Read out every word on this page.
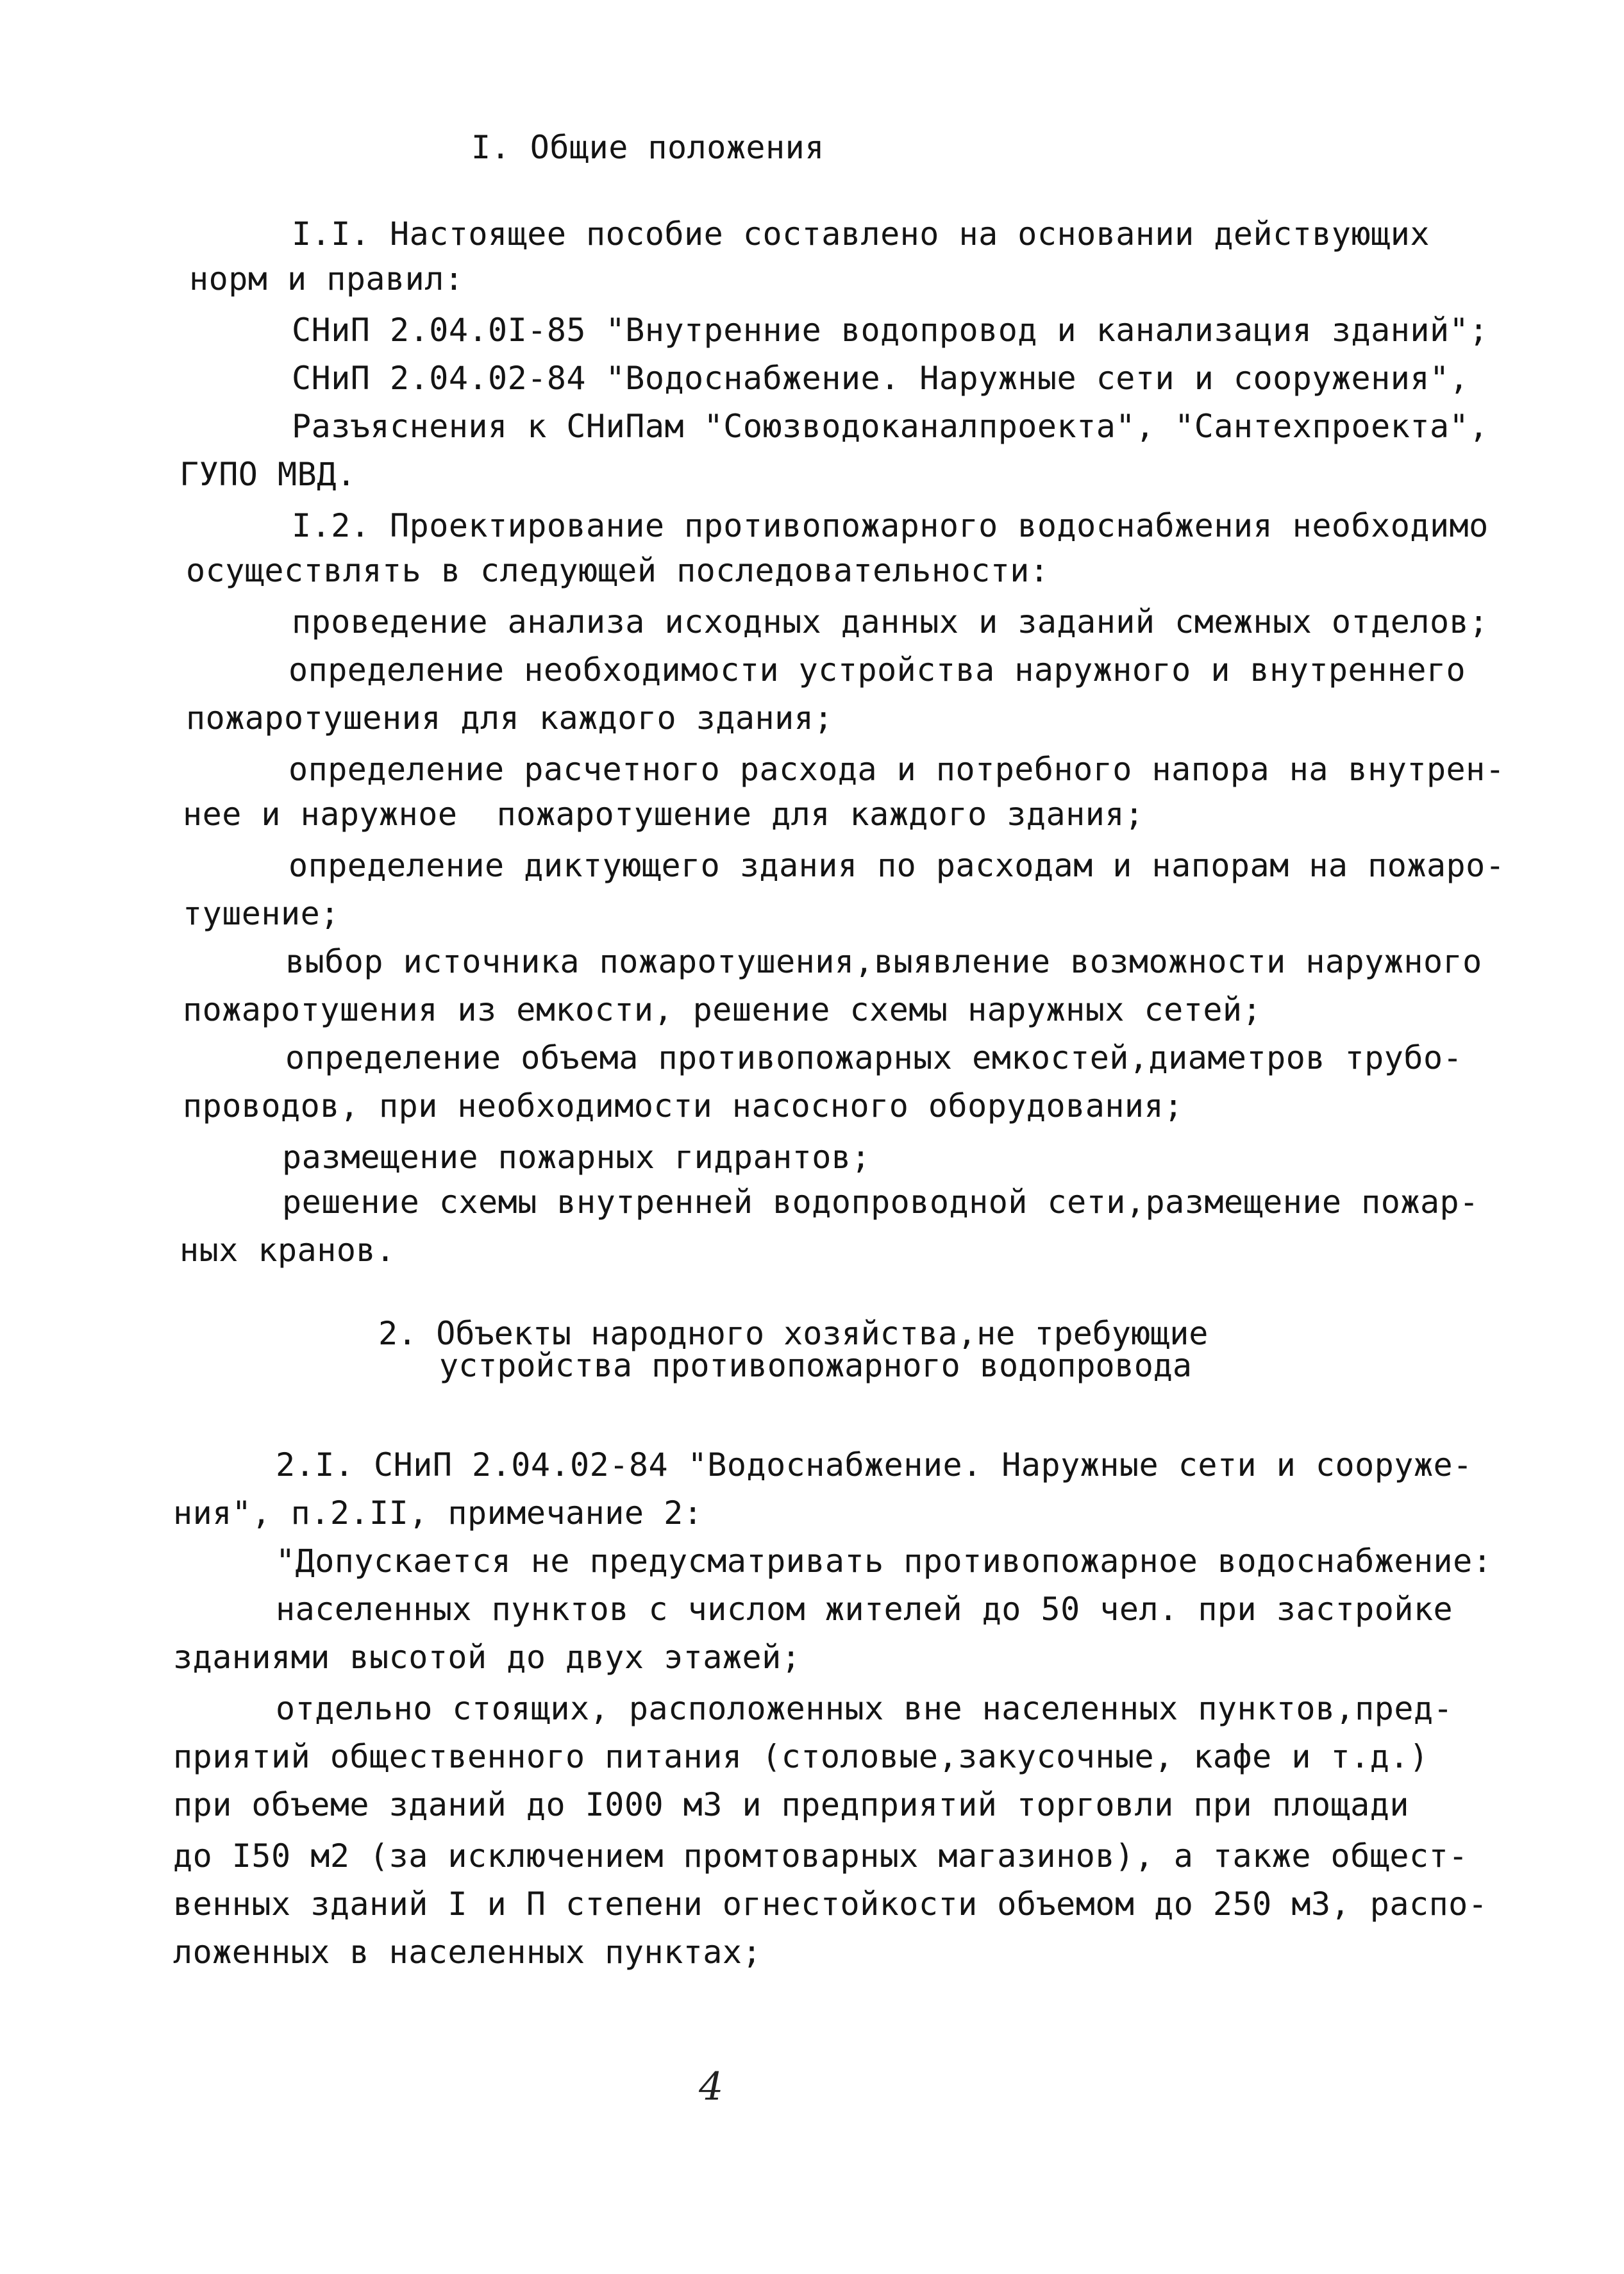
I. Общие положения
I.I. Настоящее пособие составлено на основании действующих
норм и правил:
СНиП 2.04.0I-85 "Внутренние водопровод и канализация зданий";
СНиП 2.04.02-84 "Водоснабжение. Наружные сети и сооружения",
Разъяснения к СНиПам "Союзводоканалпроекта", "Сантехпроекта",
ГУПО МВД.
I.2. Проектирование противопожарного водоснабжения необходимо
осуществлять в следующей последовательности:
проведение анализа исходных данных и заданий смежных отделов;
определение необходимости устройства наружного и внутреннего
пожаротушения для каждого здания;
определение расчетного расхода и потребного напора на внутрен-
нее и наружное  пожаротушение для каждого здания;
определение диктующего здания по расходам и напорам на пожаро-
тушение;
выбор источника пожаротушения,выявление возможности наружного
пожаротушения из емкости, решение схемы наружных сетей;
определение объема противопожарных емкостей,диаметров трубо-
проводов, при необходимости насосного оборудования;
размещение пожарных гидрантов;
решение схемы внутренней водопроводной сети,размещение пожар-
ных кранов.
2. Объекты народного хозяйства,не требующие
устройства противопожарного водопровода
2.I. СНиП 2.04.02-84 "Водоснабжение. Наружные сети и сооруже-
ния", п.2.II, примечание 2:
"Допускается не предусматривать противопожарное водоснабжение:
населенных пунктов с числом жителей до 50 чел. при застройке
зданиями высотой до двух этажей;
отдельно стоящих, расположенных вне населенных пунктов,пред-
приятий общественного питания (столовые,закусочные, кафе и т.д.)
при объеме зданий до I000 м3 и предприятий торговли при площади
до I50 м2 (за исключением промтоварных магазинов), а также общест-
венных зданий I и П степени огнестойкости объемом до 250 м3, распо-
ложенных в населенных пунктах;
4
